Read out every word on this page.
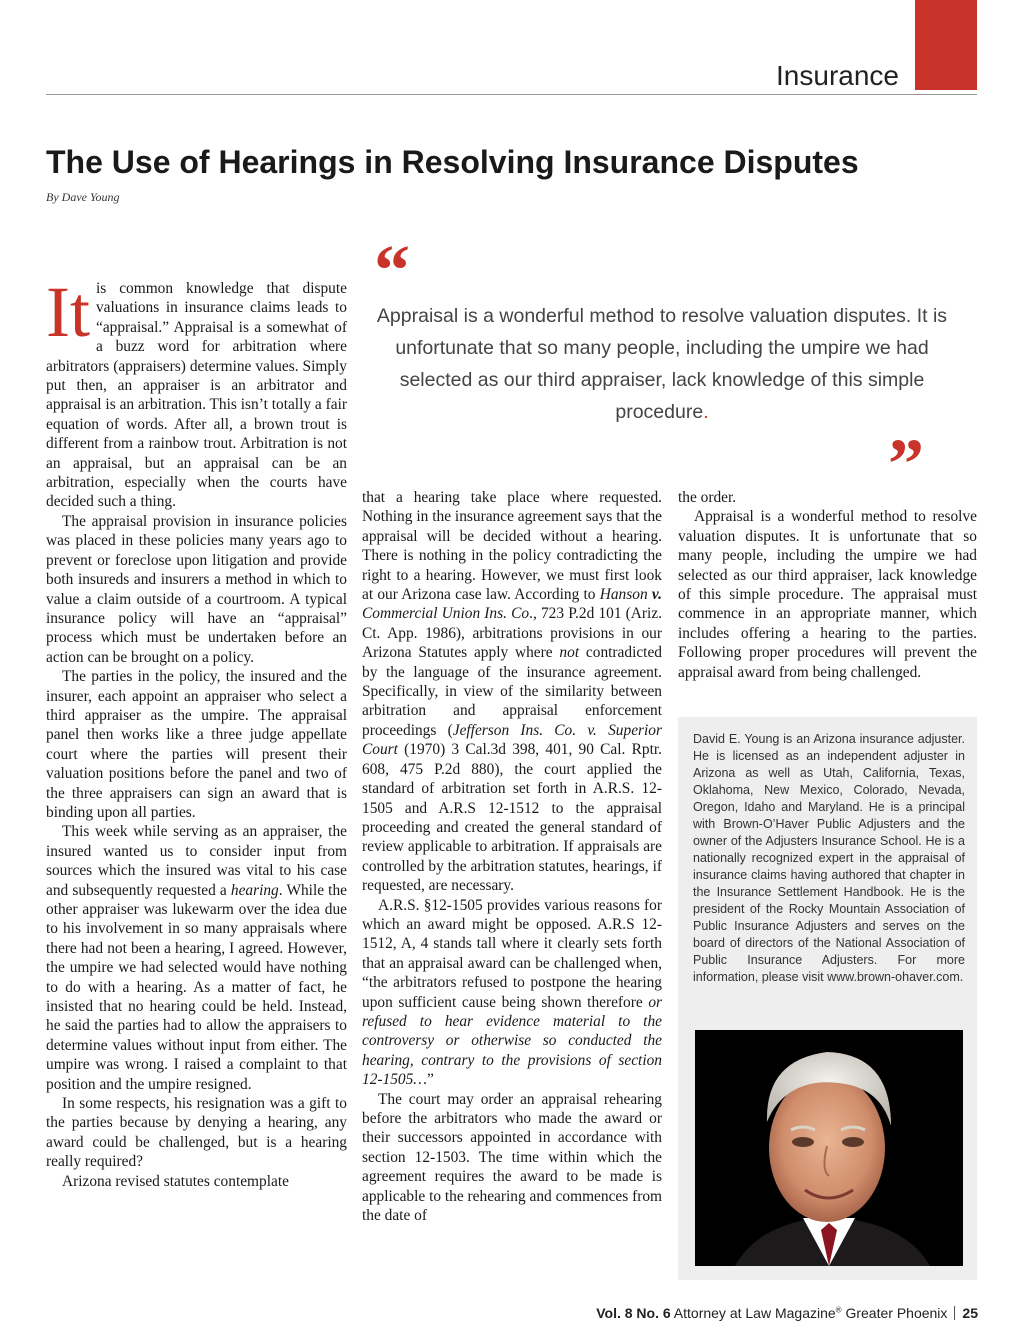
Insurance
The Use of Hearings in Resolving Insurance Disputes
By Dave Young

It is common knowledge that dispute valuations in insurance claims leads to “appraisal.” Appraisal is a somewhat of a buzz word for arbitration where arbitrators (appraisers) determine values. Simply put then, an appraiser is an arbitrator and appraisal is an arbitration. This isn’t totally a fair equation of words. After all, a brown trout is different from a rainbow trout. Arbitration is not an appraisal, but an appraisal can be an arbitration, especially when the courts have decided such a thing.

The appraisal provision in insurance policies was placed in these policies many years ago to prevent or foreclose upon litigation and provide both insureds and insurers a method in which to value a claim outside of a courtroom. A typical insurance policy will have an “appraisal” process which must be undertaken before an action can be brought on a policy.

The parties in the policy, the insured and the insurer, each appoint an appraiser who select a third appraiser as the umpire. The appraisal panel then works like a three judge appellate court where the parties will present their valuation positions before the panel and two of the three appraisers can sign an award that is binding upon all parties.

This week while serving as an appraiser, the insured wanted us to consider input from sources which the insured was vital to his case and subsequently requested a hearing. While the other appraiser was lukewarm over the idea due to his involvement in so many appraisals where there had not been a hearing, I agreed. However, the umpire we had selected would have nothing to do with a hearing. As a matter of fact, he insisted that no hearing could be held. Instead, he said the parties had to allow the appraisers to determine values without input from either. The umpire was wrong. I raised a complaint to that position and the umpire resigned.

In some respects, his resignation was a gift to the parties because by denying a hearing, any award could be challenged, but is a hearing really required?

Arizona revised statutes contemplate

“
Appraisal is a wonderful method to resolve valuation disputes. It is unfortunate that so many people, including the umpire we had selected as our third appraiser, lack knowledge of this simple procedure.
”

that a hearing take place where requested. Nothing in the insurance agreement says that the appraisal will be decided without a hearing. There is nothing in the policy contradicting the right to a hearing. However, we must first look at our Arizona case law. According to Hanson v. Commercial Union Ins. Co., 723 P.2d 101 (Ariz. Ct. App. 1986), arbitrations provisions in our Arizona Statutes apply where not contradicted by the language of the insurance agreement. Specifically, in view of the similarity between arbitration and appraisal enforcement proceedings (Jefferson Ins. Co. v. Superior Court (1970) 3 Cal.3d 398, 401, 90 Cal. Rptr. 608, 475 P.2d 880), the court applied the standard of arbitration set forth in A.R.S. 12-1505 and A.R.S 12-1512 to the appraisal proceeding and created the general standard of review applicable to arbitration. If appraisals are controlled by the arbitration statutes, hearings, if requested, are necessary.

A.R.S. §12-1505 provides various reasons for which an award might be opposed. A.R.S 12-1512, A, 4 stands tall where it clearly sets forth that an appraisal award can be challenged when, “the arbitrators refused to postpone the hearing upon sufficient cause being shown therefore or refused to hear evidence material to the controversy or otherwise so conducted the hearing, contrary to the provisions of section 12-1505…”

The court may order an appraisal rehearing before the arbitrators who made the award or their successors appointed in accordance with section 12-1503. The time within which the agreement requires the award to be made is applicable to the rehearing and commences from the date of

the order.

Appraisal is a wonderful method to resolve valuation disputes. It is unfortunate that so many people, including the umpire we had selected as our third appraiser, lack knowledge of this simple procedure. The appraisal must commence in an appropriate manner, which includes offering a hearing to the parties. Following proper procedures will prevent the appraisal award from being challenged.

David E. Young is an Arizona insurance adjuster. He is licensed as an independent adjuster in Arizona as well as Utah, California, Texas, Oklahoma, New Mexico, Colorado, Nevada, Oregon, Idaho and Maryland. He is a principal with Brown-O’Haver Public Adjusters and the owner of the Adjusters Insurance School. He is a nationally recognized expert in the appraisal of insurance claims having authored that chapter in the Insurance Settlement Handbook. He is the president of the Rocky Mountain Association of Public Insurance Adjusters and serves on the board of directors of the National Association of Public Insurance Adjusters. For more information, please visit www.brown-ohaver.com.
Vol. 8 No. 6 Attorney at Law Magazine® Greater Phoenix 25
